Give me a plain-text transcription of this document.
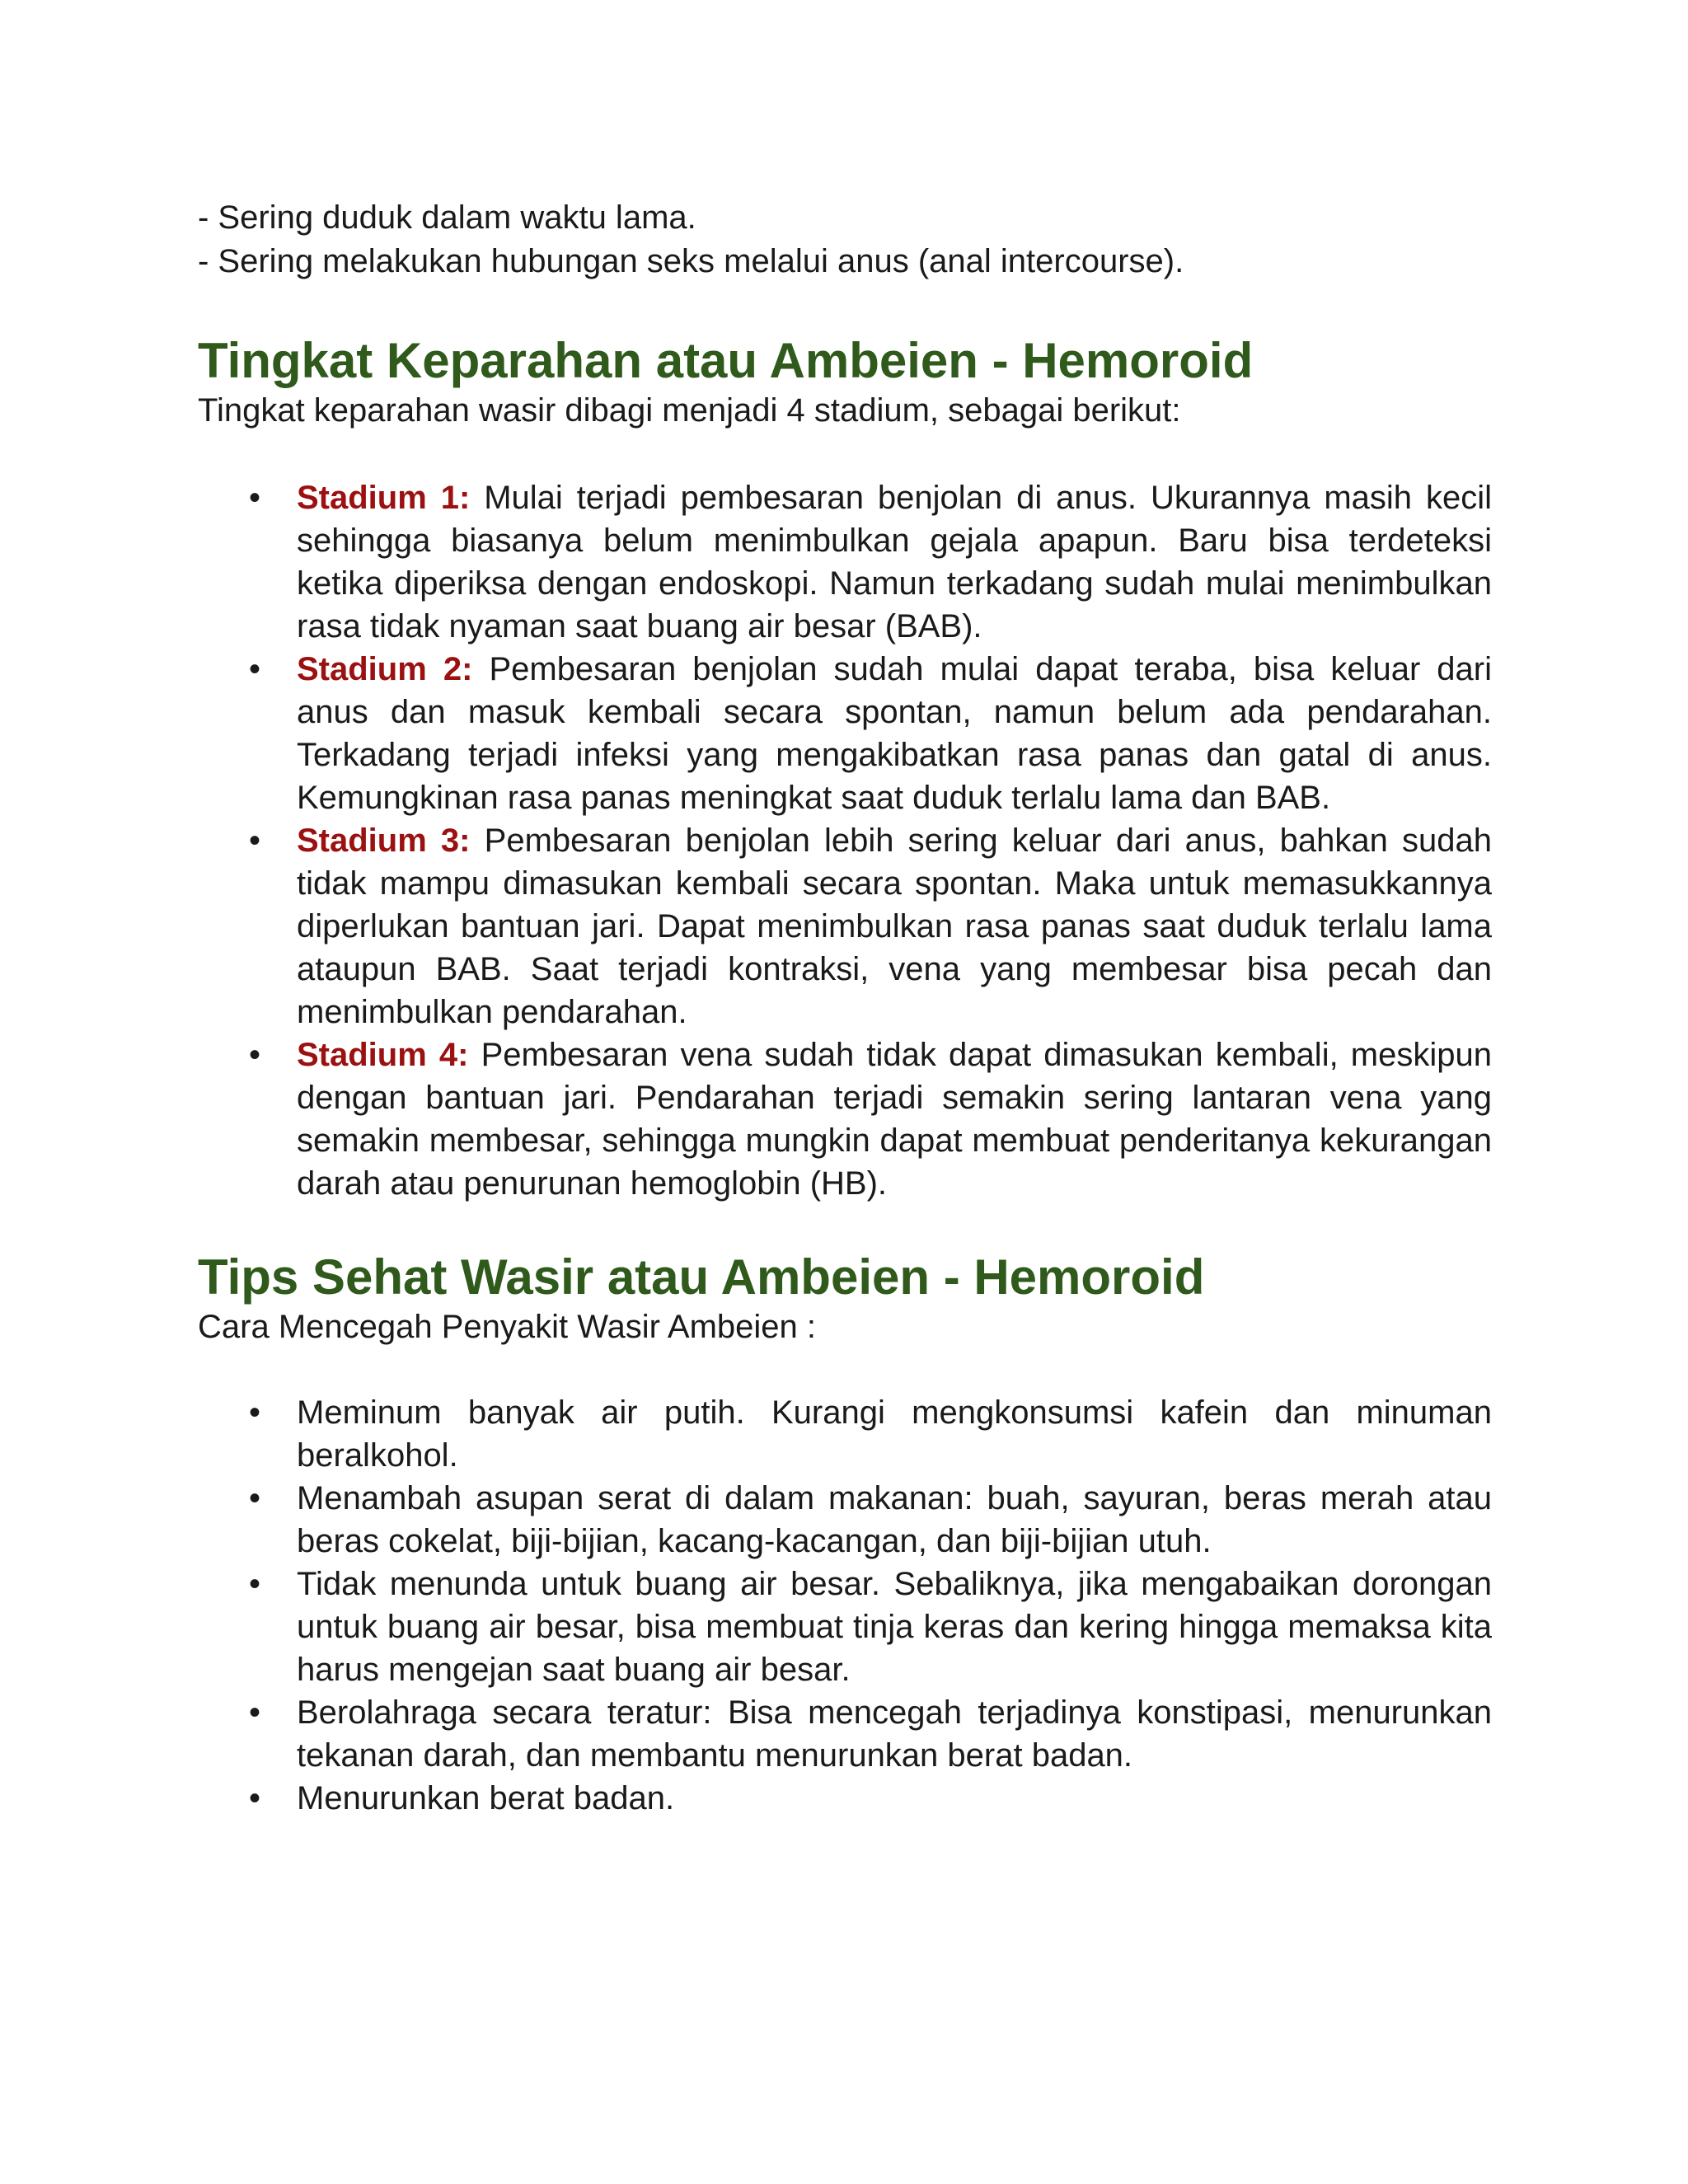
- Sering duduk dalam waktu lama.

- Sering melakukan hubungan seks melalui anus (anal intercourse).

Tingkat Keparahan atau Ambeien - Hemoroid

Tingkat keparahan wasir dibagi menjadi 4 stadium, sebagai berikut:

• Stadium 1: Mulai terjadi pembesaran benjolan di anus. Ukurannya masih kecil sehingga biasanya belum menimbulkan gejala apapun. Baru bisa terdeteksi ketika diperiksa dengan endoskopi. Namun terkadang sudah mulai menimbulkan rasa tidak nyaman saat buang air besar (BAB).
• Stadium 2: Pembesaran benjolan sudah mulai dapat teraba, bisa keluar dari anus dan masuk kembali secara spontan, namun belum ada pendarahan. Terkadang terjadi infeksi yang mengakibatkan rasa panas dan gatal di anus. Kemungkinan rasa panas meningkat saat duduk terlalu lama dan BAB.
• Stadium 3: Pembesaran benjolan lebih sering keluar dari anus, bahkan sudah tidak mampu dimasukan kembali secara spontan. Maka untuk memasukkannya diperlukan bantuan jari. Dapat menimbulkan rasa panas saat duduk terlalu lama ataupun BAB. Saat terjadi kontraksi, vena yang membesar bisa pecah dan menimbulkan pendarahan.
• Stadium 4: Pembesaran vena sudah tidak dapat dimasukan kembali, meskipun dengan bantuan jari. Pendarahan terjadi semakin sering lantaran vena yang semakin membesar, sehingga mungkin dapat membuat penderitanya kekurangan darah atau penurunan hemoglobin (HB).
Tips Sehat Wasir atau Ambeien - Hemoroid

Cara Mencegah Penyakit Wasir Ambeien :

• Meminum banyak air putih. Kurangi mengkonsumsi kafein dan minuman beralkohol.
• Menambah asupan serat di dalam makanan: buah, sayuran, beras merah atau beras cokelat, biji-bijian, kacang-kacangan, dan biji-bijian utuh.
• Tidak menunda untuk buang air besar. Sebaliknya, jika mengabaikan dorongan untuk buang air besar, bisa membuat tinja keras dan kering hingga memaksa kita harus mengejan saat buang air besar.
• Berolahraga secara teratur: Bisa mencegah terjadinya konstipasi, menurunkan tekanan darah, dan membantu menurunkan berat badan.
• Menurunkan berat badan.
